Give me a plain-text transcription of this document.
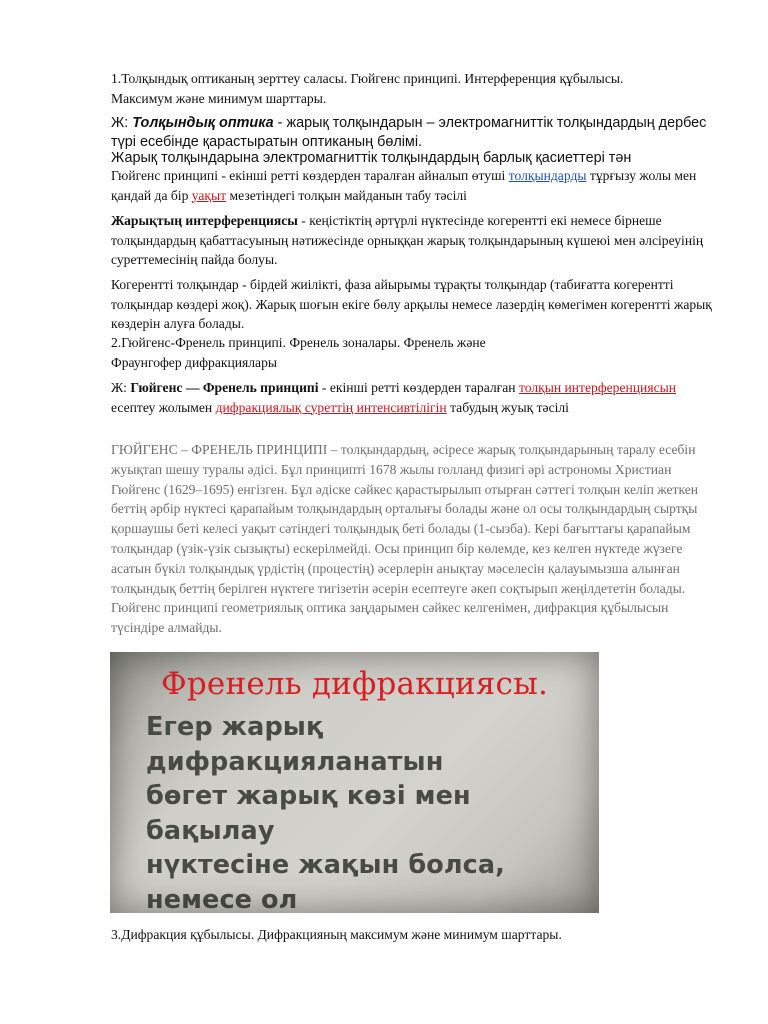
1.Толқындық оптиканың зерттеу саласы. Гюйгенс принципі. Интерференция құбылысы.
Максимум және минимум шарттары.
Ж: Толқындық оптика - жарық толқындарын – электромагниттік толқындардың дербес түрі есебінде қарастыратын оптиканың бөлімі.
Жарық толқындарына электромагниттік толқындардың барлық қасиеттері тән
Гюйгенс принципі - екінші ретті көздерден таралған айналып өтуші толқындарды тұрғызу жолы мен қандай да бір уақыт мезетіндегі толқын майданын табу тәсілі
Жарықтың интерференциясы - кеңістіктің әртүрлі нүктесінде когерентті екі немесе бірнеше толқындардың қабаттасуының нәтижесінде орныққан жарық толқындарының күшеюі мен әлсіреуінің суреттемесінің пайда болуы.
Когерентті толқындар - бірдей жиілікті, фаза айырымы тұрақты толқындар (табиғатта когерентті толқындар көздері жоқ). Жарық шоғын екіге бөлу арқылы немесе лазердің көмегімен когерентті жарық көздерін алуға болады.
2.Гюйгенс-Френель принципі. Френель зоналары. Френель және
Фраунгофер дифракциялары
Ж: Гюйгенс — Френель принципі - екінші ретті көздерден таралған толқын интерференциясын есептеу жолымен дифракциялық суреттің интенсивтілігін табудың жуық тәсілі
ГЮЙГЕНС – ФРЕНЕЛЬ ПРИНЦИПІ – толқындардың, әсіресе жарық толқындарының таралу есебін жуықтап шешу туралы әдісі. Бұл принципті 1678 жылы голланд физигі әрі астрономы Христиан Гюйгенс (1629–1695) енгізген. Бұл әдіске сәйкес қарастырылып отырған сәттегі толқын келіп жеткен беттің әрбір нүктесі қарапайым толқындардың орталығы болады және ол осы толқындардың сыртқы қоршаушы беті келесі уақыт сәтіндегі толқындық беті болады (1-сызба). Кері бағыттағы қарапайым толқындар (үзік-үзік сызықты) ескерілмейді. Осы принцип бір көлемде, кез келген нүктеде жүзеге асатын бүкіл толқындық үрдістің (процестің) әсерлерін анықтау мәселесін қалауымызша алынған толқындық беттің берілген нүктеге тигізетін әсерін есептеуге әкеп соқтырып жеңілдететін болады. Гюйгенс принципі геометриялық оптика заңдарымен сәйкес келгенімен, дифракция құбылысын түсіндіре алмайды.
Френель дифракциясы.
Егер жарық дифракцияланатын
бөгет жарық көзі мен бақылау
нүктесіне жақын болса, немесе ол

3.Дифракция құбылысы. Дифракцияның максимум және минимум шарттары.
